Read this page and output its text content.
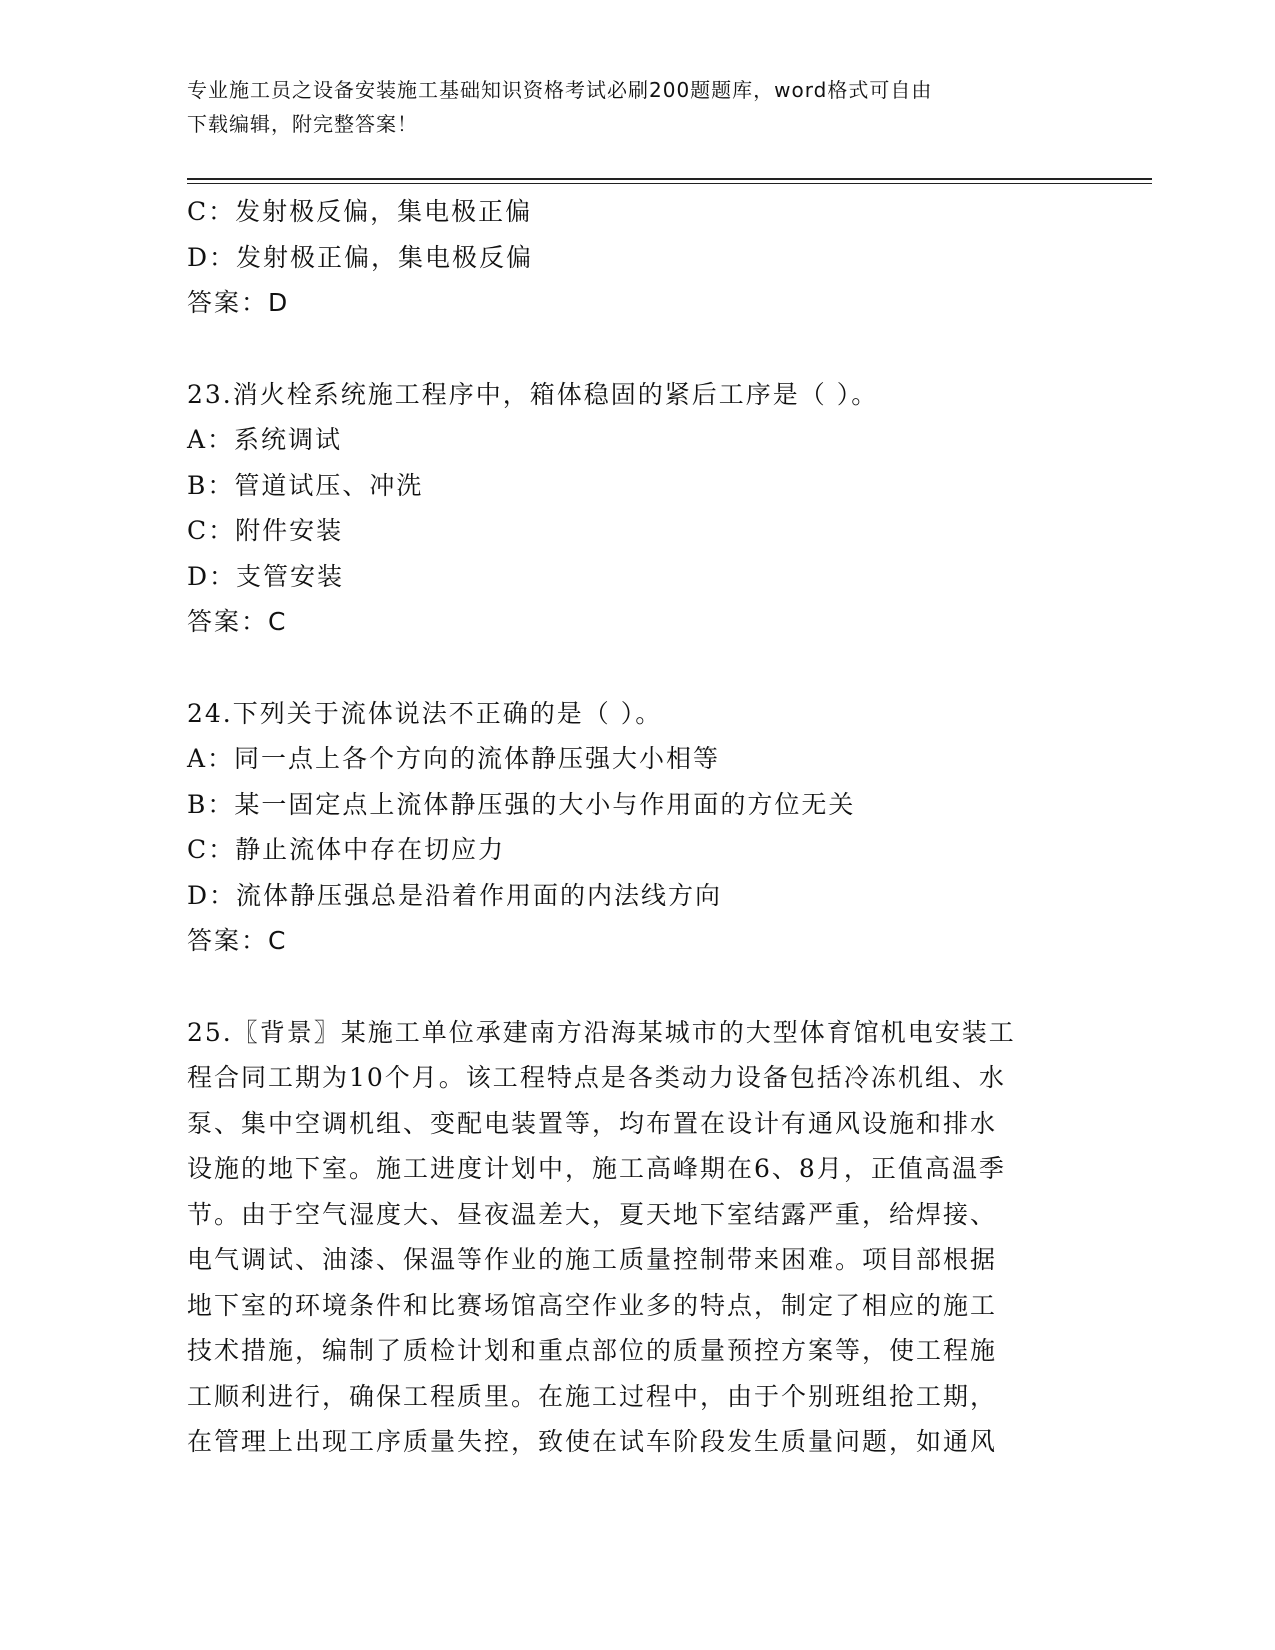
专业施工员之设备安装施工基础知识资格考试必刷200题题库，word格式可自由
下载编辑，附完整答案！
C：发射极反偏，集电极正偏
D：发射极正偏，集电极反偏
答案：D
23.消火栓系统施工程序中，箱体稳固的紧后工序是（ ）。
A：系统调试
B：管道试压、冲洗
C：附件安装
D：支管安装
答案：C
24.下列关于流体说法不正确的是（ ）。
A：同一点上各个方向的流体静压强大小相等
B：某一固定点上流体静压强的大小与作用面的方位无关
C：静止流体中存在切应力
D：流体静压强总是沿着作用面的内法线方向
答案：C
25.〖背景〗某施工单位承建南方沿海某城市的大型体育馆机电安装工
程合同工期为10个月。该工程特点是各类动力设备包括冷冻机组、水
泵、集中空调机组、变配电装置等，均布置在设计有通风设施和排水
设施的地下室。施工进度计划中，施工高峰期在6、8月，正值高温季
节。由于空气湿度大、昼夜温差大，夏天地下室结露严重，给焊接、
电气调试、油漆、保温等作业的施工质量控制带来困难。项目部根据
地下室的环境条件和比赛场馆高空作业多的特点，制定了相应的施工
技术措施，编制了质检计划和重点部位的质量预控方案等，使工程施
工顺利进行，确保工程质里。在施工过程中，由于个别班组抢工期，
在管理上出现工序质量失控，致使在试车阶段发生质量问题，如通风
